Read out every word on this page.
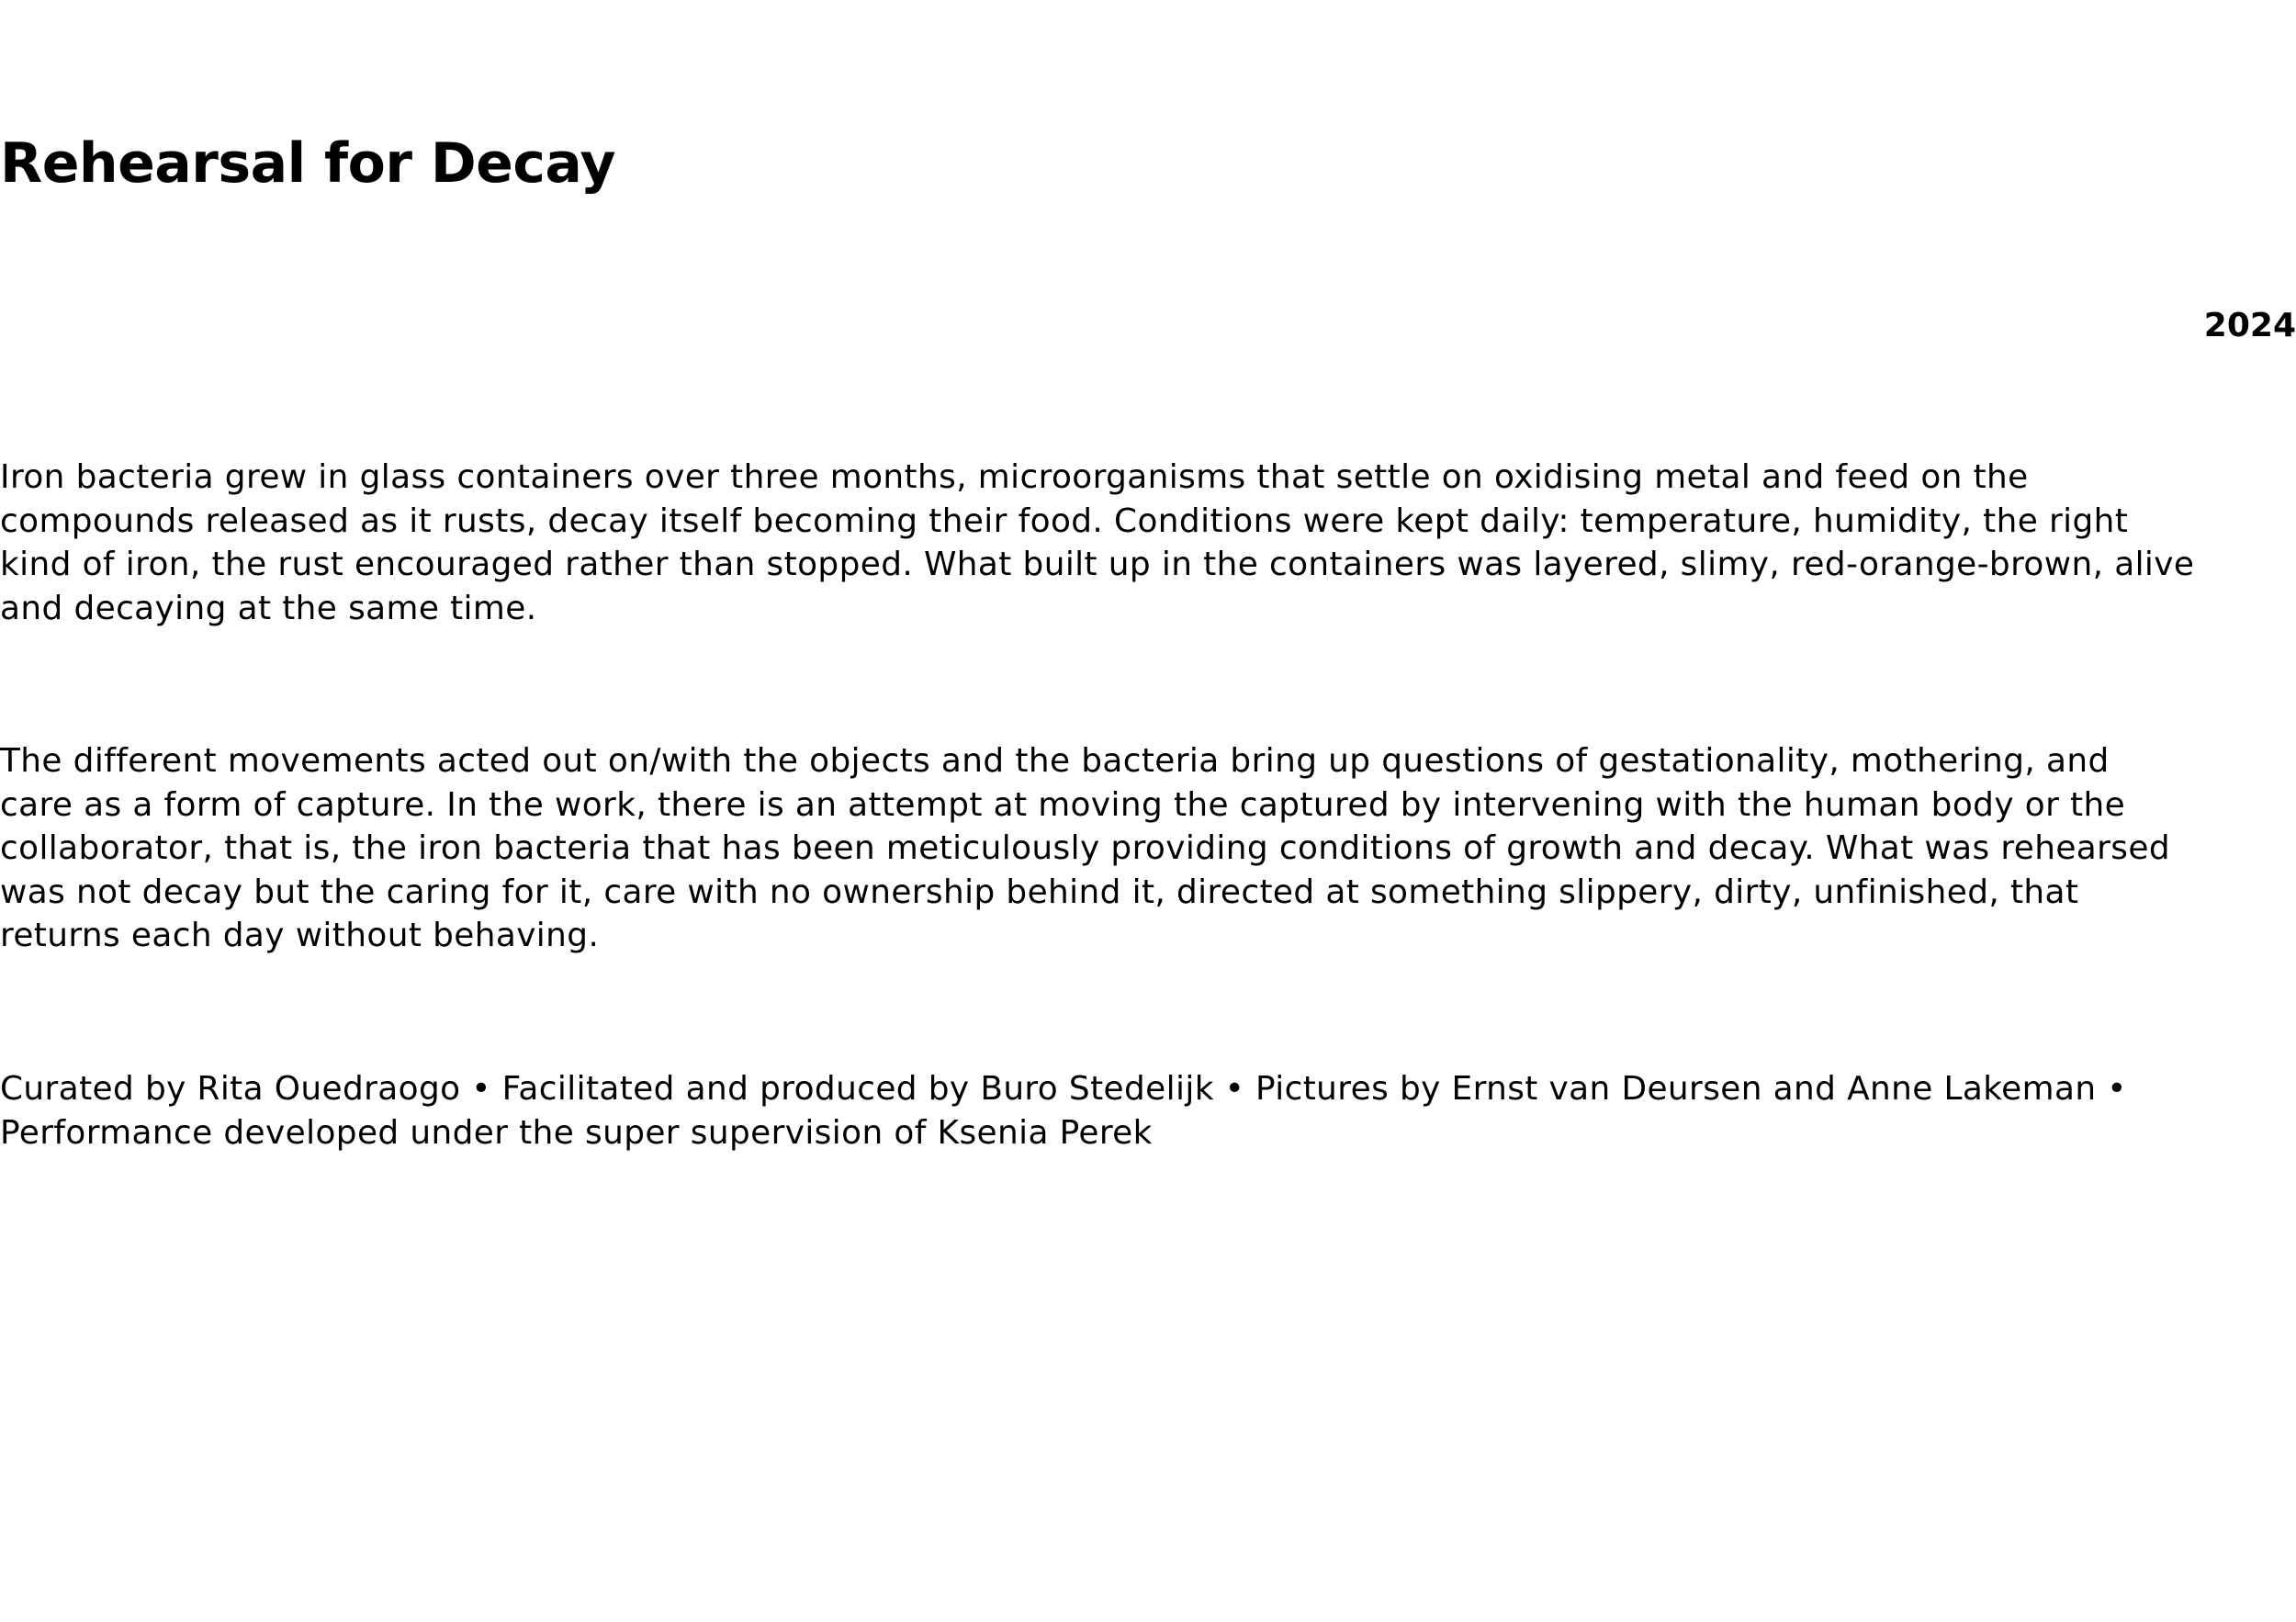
Rehearsal for Decay
2024

Iron bacteria grew in glass containers over three months, microorganisms that settle on oxidising metal and feed on the
compounds released as it rusts, decay itself becoming their food. Conditions were kept daily: temperature, humidity, the right
kind of iron, the rust encouraged rather than stopped. What built up in the containers was layered, slimy, red-orange-brown, alive
and decaying at the same time.

The different movements acted out on/with the objects and the bacteria bring up questions of gestationality, mothering, and
care as a form of capture. In the work, there is an attempt at moving the captured by intervening with the human body or the
collaborator, that is, the iron bacteria that has been meticulously providing conditions of growth and decay. What was rehearsed
was not decay but the caring for it, care with no ownership behind it, directed at something slippery, dirty, unfinished, that
returns each day without behaving.

Curated by Rita Ouedraogo • Facilitated and produced by Buro Stedelijk • Pictures by Ernst van Deursen and Anne Lakeman •
Performance developed under the super supervision of Ksenia Perek
